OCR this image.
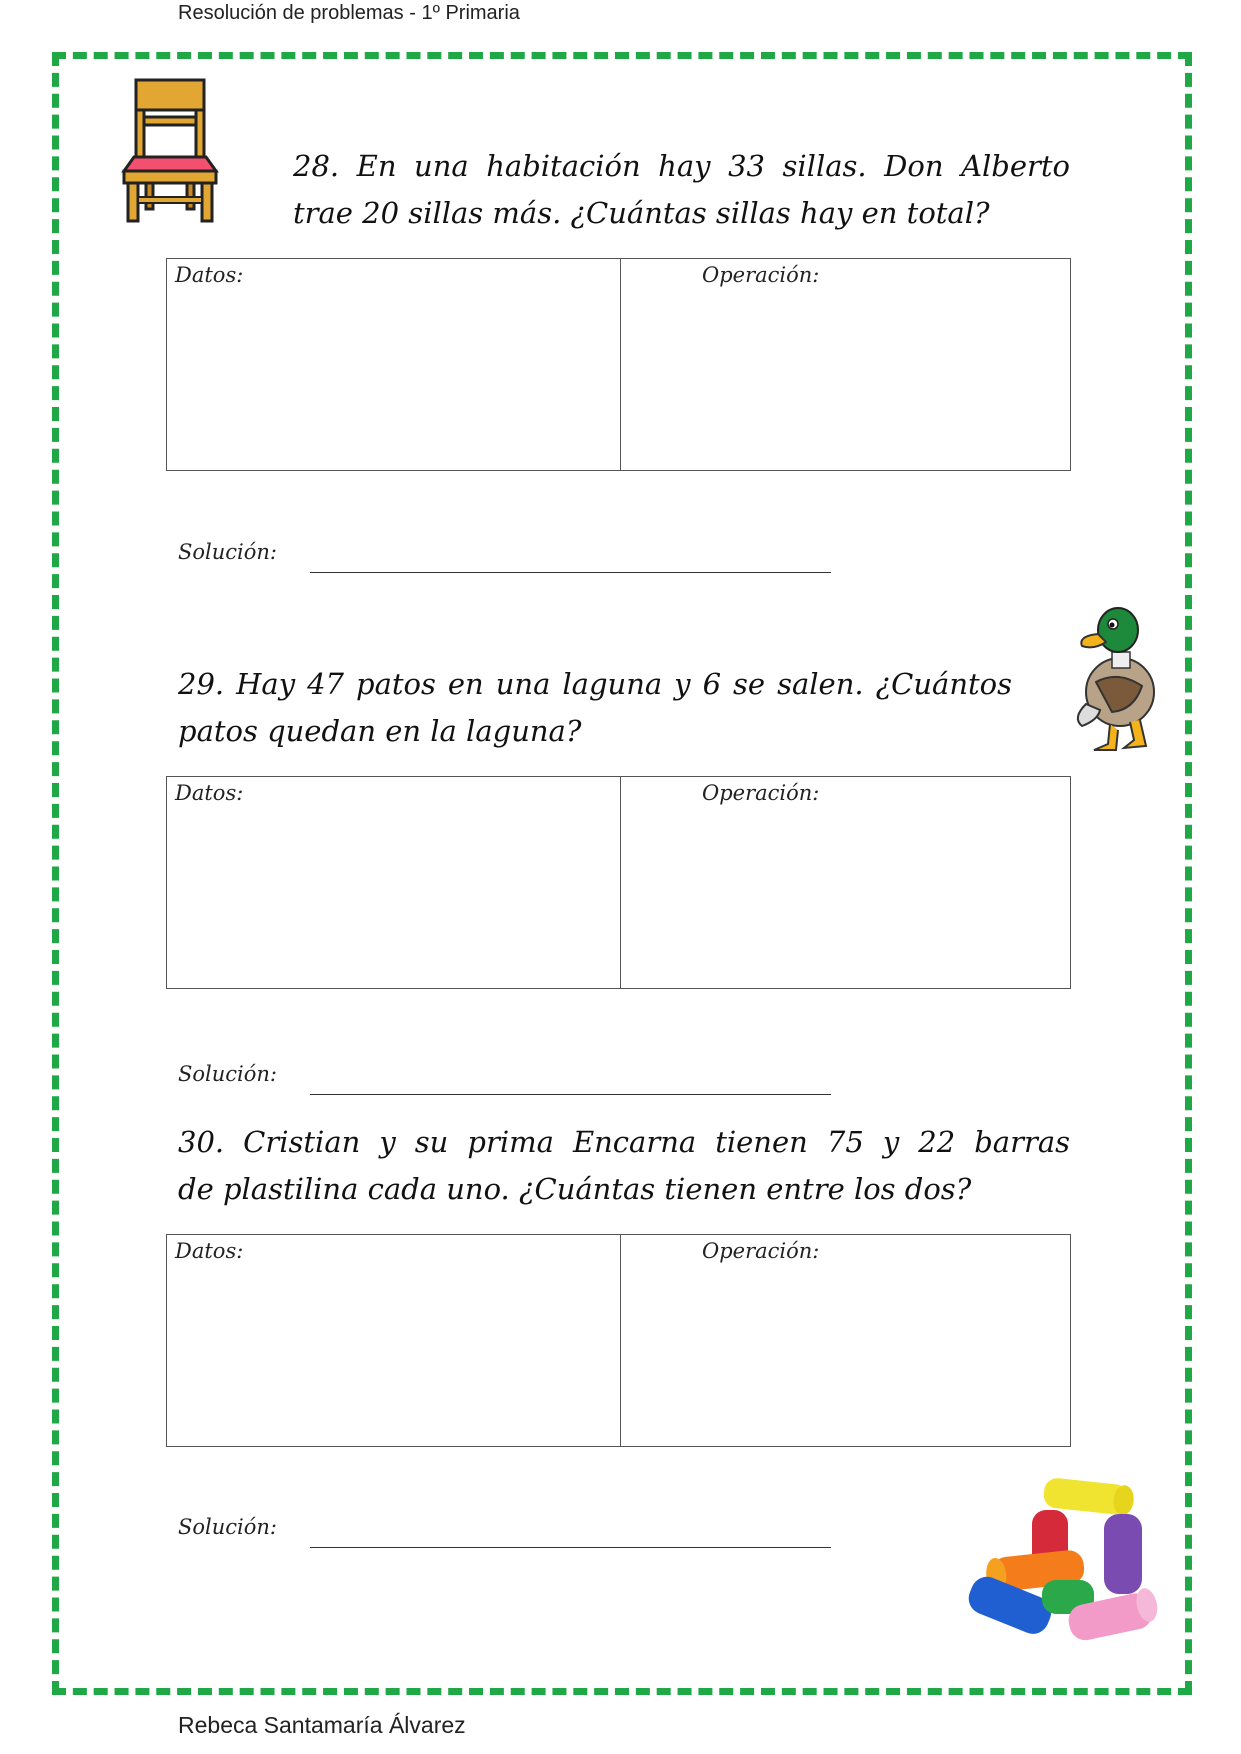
Resolución de problemas - 1º Primaria
28. En una habitación hay 33 sillas. Don Alberto
trae 20 sillas más. ¿Cuántas sillas hay en total?
Datos:	Operación:
Solución:
29. Hay 47 patos en una laguna y 6 se salen. ¿Cuántos
patos quedan en la laguna?
Datos:	Operación:
Solución:
30. Cristian y su prima Encarna tienen 75 y 22 barras
de plastilina cada uno. ¿Cuántas tienen entre los dos?
Datos:	Operación:
Solución:
Rebeca Santamaría Álvarez
